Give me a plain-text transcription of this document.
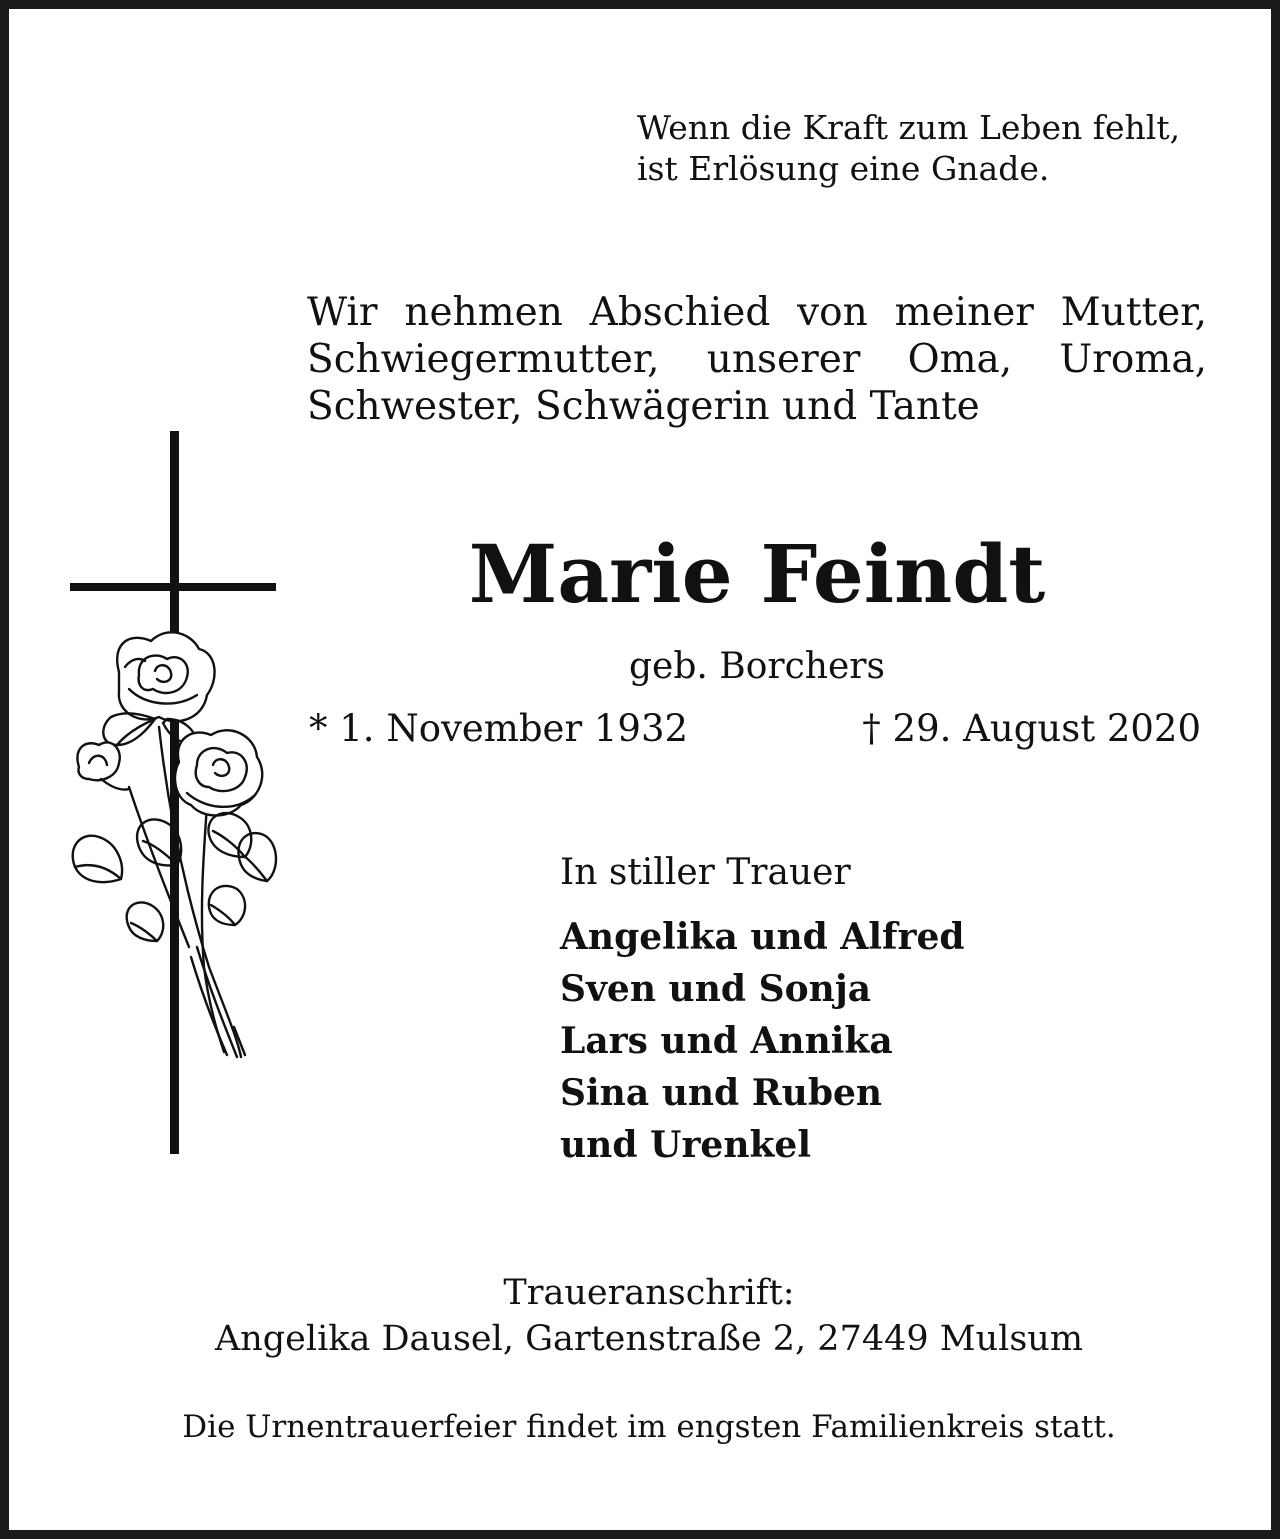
Wenn die Kraft zum Leben fehlt,
ist Erlösung eine Gnade.
Wir nehmen Abschied von meiner Mutter,
Schwiegermutter, unserer Oma, Uroma,
Schwester, Schwägerin und Tante
Marie Feindt
geb. Borchers
* 1. November 1932	† 29. August 2020
In stiller Trauer
Angelika und Alfred
Sven und Sonja
Lars und Annika
Sina und Ruben
und Urenkel
Traueranschrift:
Angelika Dausel, Gartenstraße 2, 27449 Mulsum
Die Urnentrauerfeier findet im engsten Familienkreis statt.
